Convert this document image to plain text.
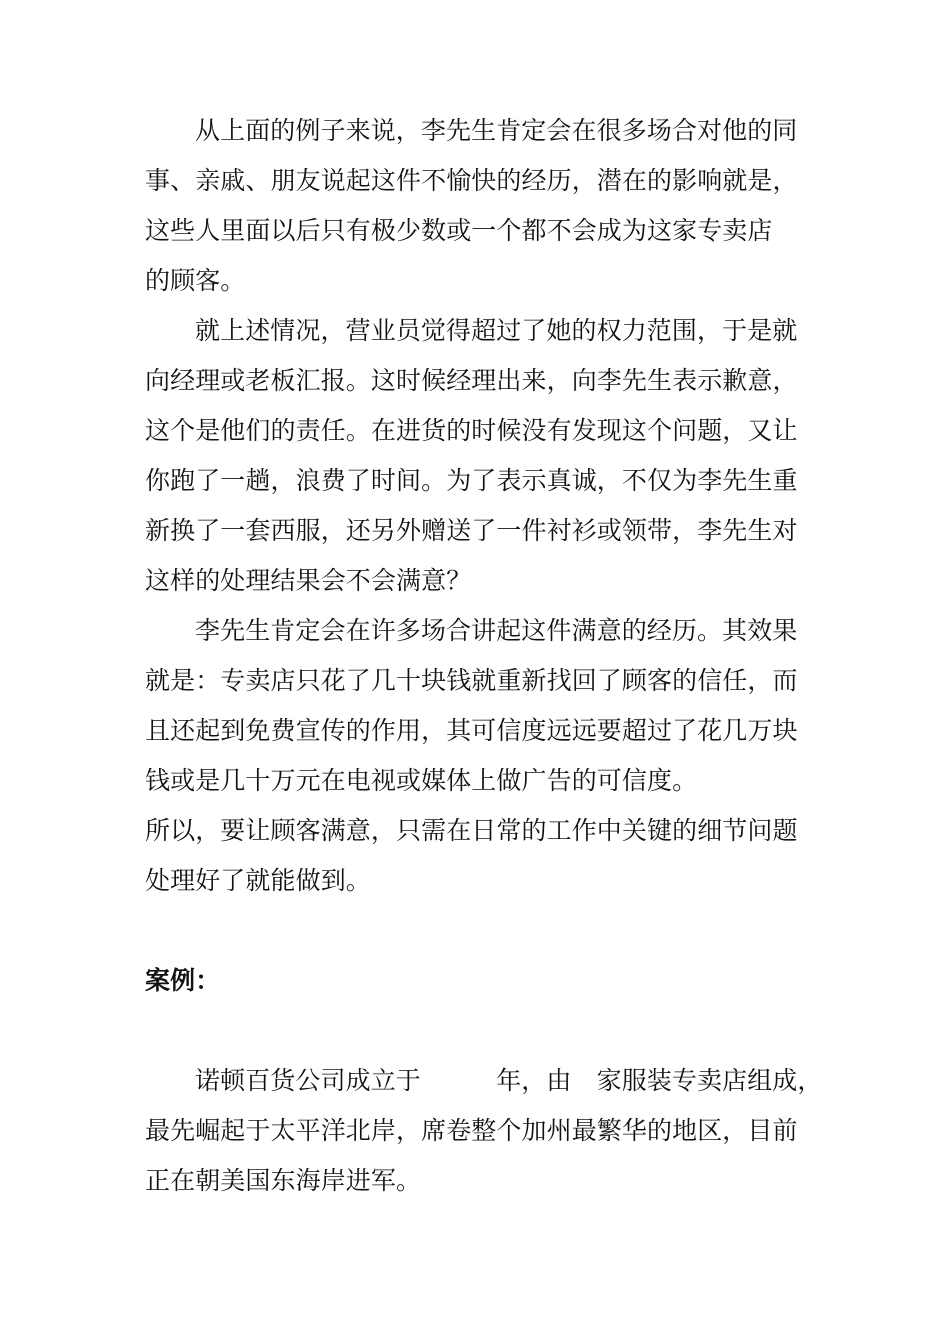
从上面的例子来说，李先生肯定会在很多场合对他的同
事、亲戚、朋友说起这件不愉快的经历，潜在的影响就是，
这些人里面以后只有极少数或一个都不会成为这家专卖店
的顾客。
就上述情况，营业员觉得超过了她的权力范围，于是就
向经理或老板汇报。这时候经理出来，向李先生表示歉意，
这个是他们的责任。在进货的时候没有发现这个问题，又让
你跑了一趟，浪费了时间。为了表示真诚，不仅为李先生重
新换了一套西服，还另外赠送了一件衬衫或领带，李先生对
这样的处理结果会不会满意？
李先生肯定会在许多场合讲起这件满意的经历。其效果
就是：专卖店只花了几十块钱就重新找回了顾客的信任，而
且还起到免费宣传的作用，其可信度远远要超过了花几万块
钱或是几十万元在电视或媒体上做广告的可信度。
所以，要让顾客满意，只需在日常的工作中关键的细节问题
处理好了就能做到。
案例：
诺顿百货公司成立于　　　年，由　家服装专卖店组成，
最先崛起于太平洋北岸，席卷整个加州最繁华的地区，目前
正在朝美国东海岸进军。
